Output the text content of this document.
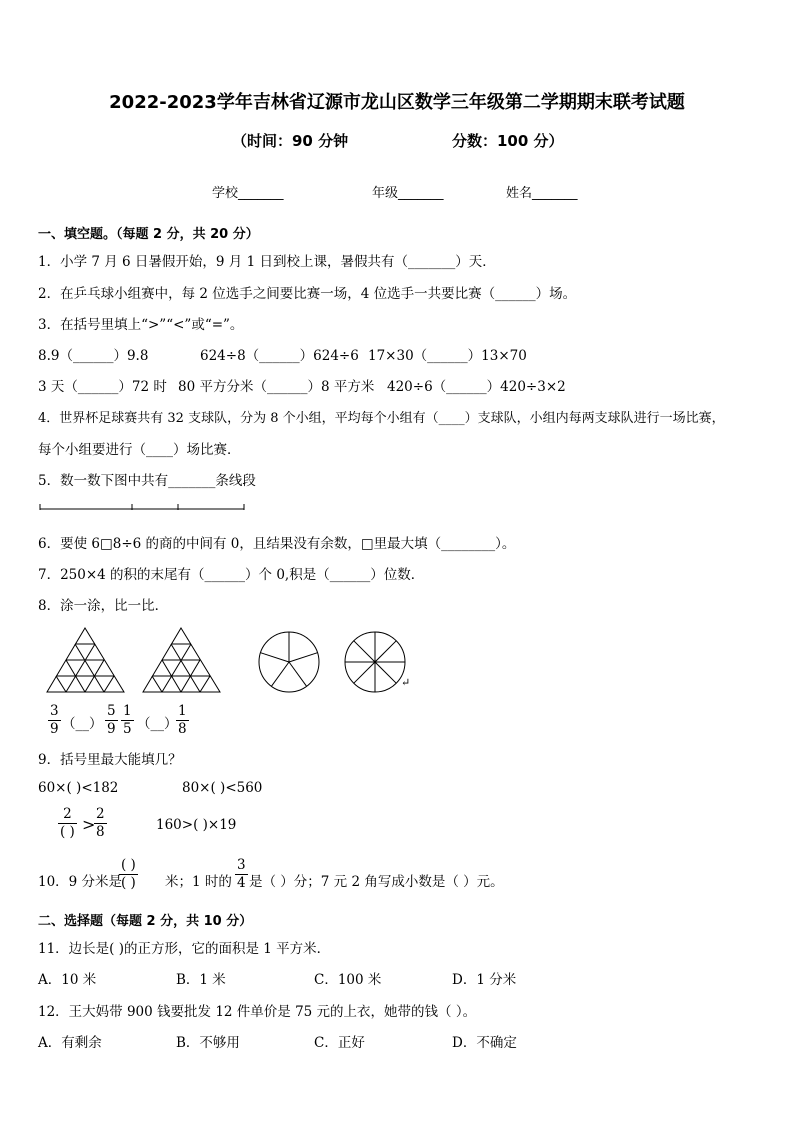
2022-2023学年吉林省辽源市龙山区数学三年级第二学期期末联考试题
（时间：90 分钟	分数：100 分）
学校_______	年级_______	姓名_______
一、填空题。（每题 2 分，共 20 分）
1．小学 7 月 6 日暑假开始，9 月 1 日到校上课，暑假共有（_______）天．
2．在乒乓球小组赛中，每 2 位选手之间要比赛一场，4 位选手一共要比赛（______）场。
3．在括号里填上“>”“<”或“=”。
8.9（______）9.8	624÷8（______）624÷6 17×30（______）13×70
3 天（______）72 时 80 平方分米（______）8 平方米 420÷6（______）420÷3×2
4．世界杯足球赛共有 32 支球队，分为 8 个小组，平均每个小组有（____）支球队，小组内每两支球队进行一场比赛，
每个小组要进行（____）场比赛．
5．数一数下图中共有_______条线段
6．要使 6□8÷6 的商的中间有 0，且结果没有余数，□里最大填（________）。
7．250×4 的积的末尾有（______）个 0,积是（______）位数．
8．涂一涂，比一比．
↵
$\frac{3}{9}$ （__） $\frac{5}{9} \frac{1}{5}$ （__）
$\frac{1}{8}$
9．括号里最大能填几？
60×( )<182	80×( )<560
2
( ) >
$\frac{2}{8}$	160>( )×19
10．9 分米是
( )
( ) 米；1 时的 $\frac{3}{4}$ 是（ ）分；7 元 2 角写成小数是（ ）元。
二、选择题（每题 2 分，共 10 分）
11．边长是( )的正方形，它的面积是 1 平方米．
A．10 米	B．1 米	C．100 米	D．1 分米
12．王大妈带 900 钱要批发 12 件单价是 75 元的上衣，她带的钱（ ）。
A．有剩余	B．不够用	C．正好	D．不确定
